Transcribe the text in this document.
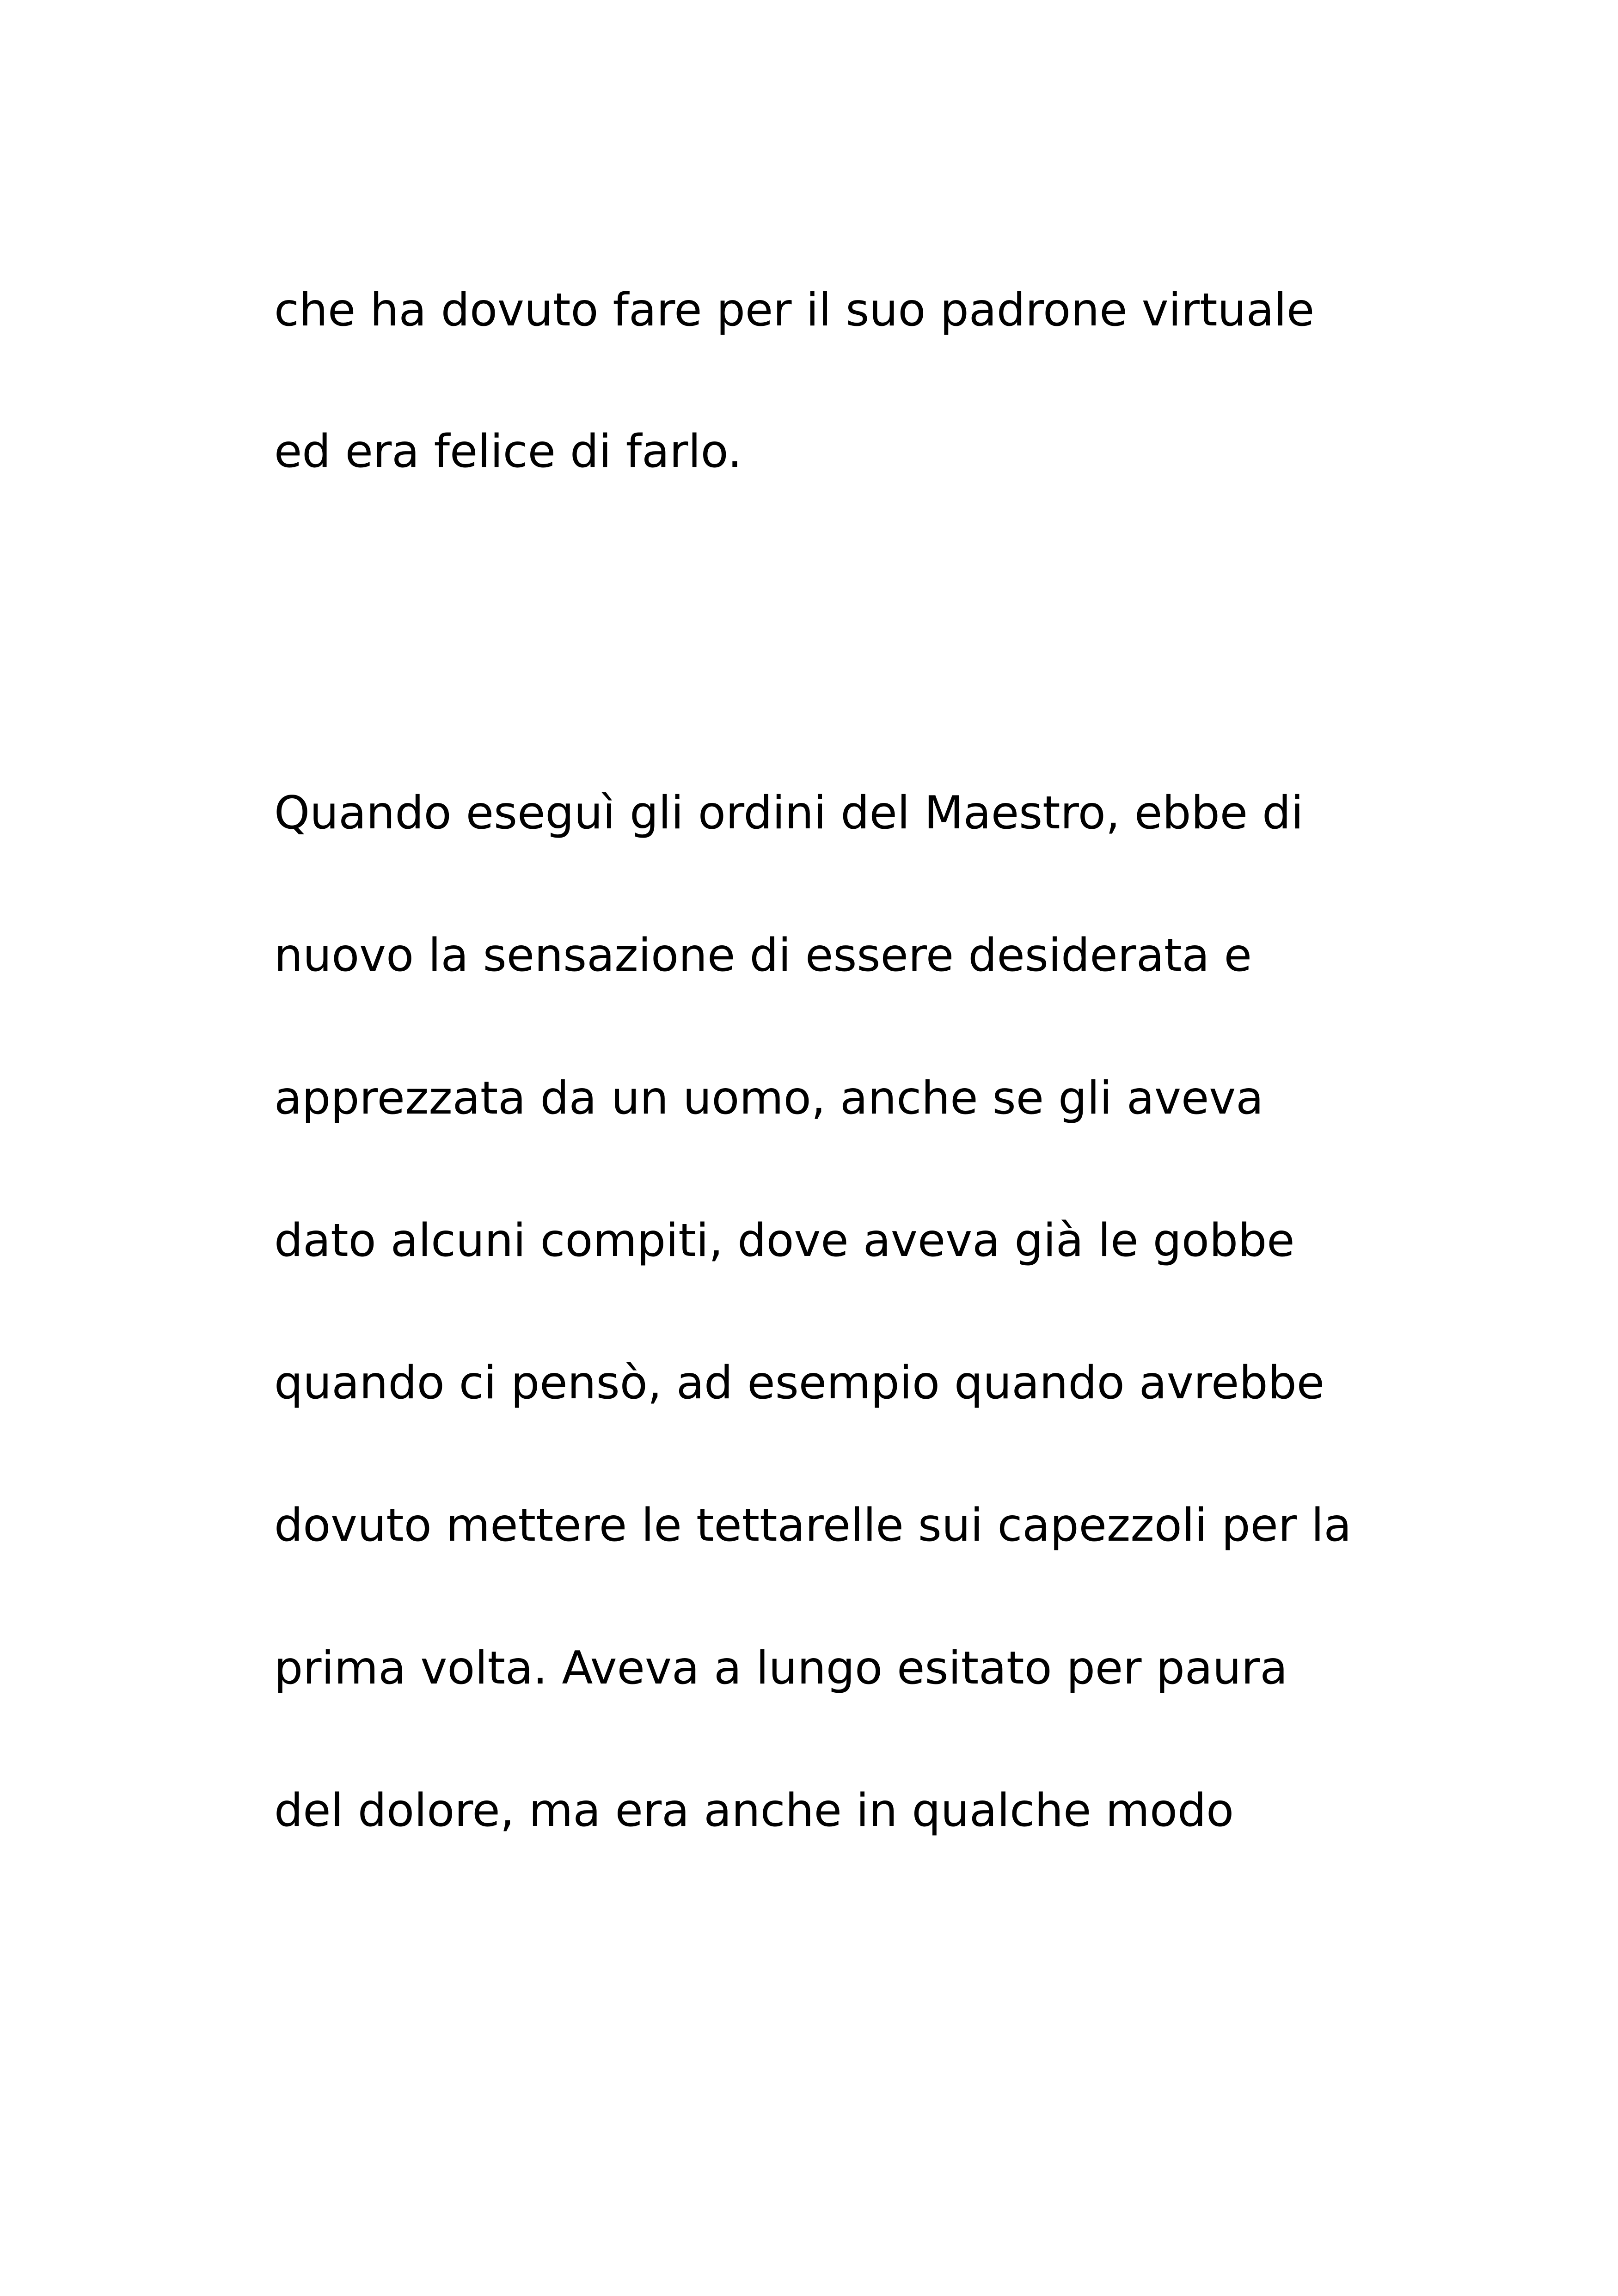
che ha dovuto fare per il suo padrone virtuale

ed era felice di farlo.

Quando eseguì gli ordini del Maestro, ebbe di

nuovo la sensazione di essere desiderata e

apprezzata da un uomo, anche se gli aveva

dato alcuni compiti, dove aveva già le gobbe

quando ci pensò, ad esempio quando avrebbe

dovuto mettere le tettarelle sui capezzoli per la

prima volta. Aveva a lungo esitato per paura

del dolore, ma era anche in qualche modo
